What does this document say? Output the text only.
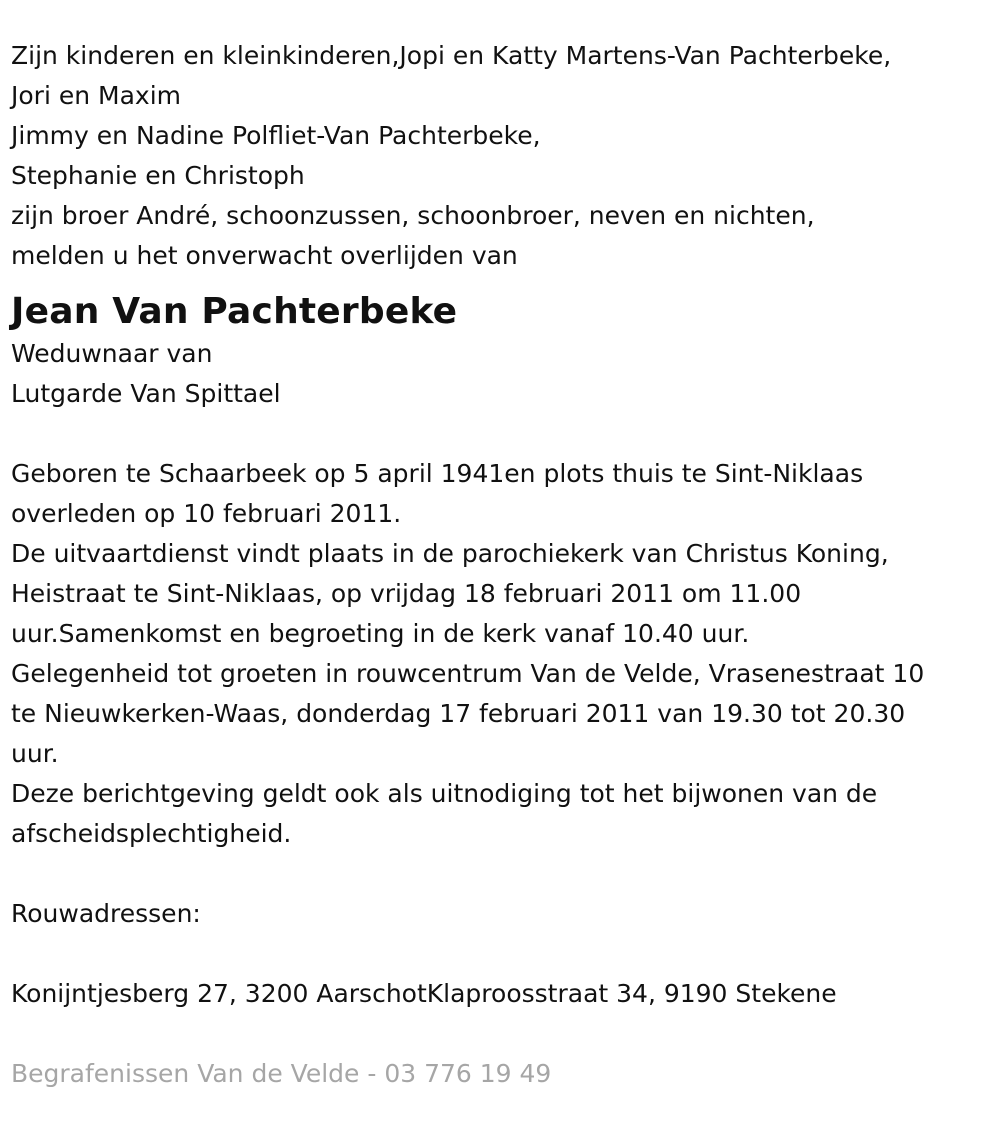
Zijn kinderen en kleinkinderen,Jopi en Katty Martens-Van Pachterbeke,

Jori en Maxim

Jimmy en Nadine Polfliet-Van Pachterbeke,

Stephanie en Christoph

zijn broer André, schoonzussen, schoonbroer, neven en nichten,

melden u het onverwacht overlijden van

Jean Van Pachterbeke

Weduwnaar van

Lutgarde Van Spittael

Geboren te Schaarbeek op 5 april 1941en plots thuis te Sint-Niklaas

overleden op 10 februari 2011.

De uitvaartdienst vindt plaats in de parochiekerk van Christus Koning,

Heistraat te Sint-Niklaas, op vrijdag 18 februari 2011 om 11.00

uur.Samenkomst en begroeting in de kerk vanaf 10.40 uur.

Gelegenheid tot groeten in rouwcentrum Van de Velde, Vrasenestraat 10

te Nieuwkerken-Waas, donderdag 17 februari 2011 van 19.30 tot 20.30

uur.

Deze berichtgeving geldt ook als uitnodiging tot het bijwonen van de

afscheidsplechtigheid.

Rouwadressen:

Konijntjesberg 27, 3200 AarschotKlaproosstraat 34, 9190 Stekene

Begrafenissen Van de Velde - 03 776 19 49
